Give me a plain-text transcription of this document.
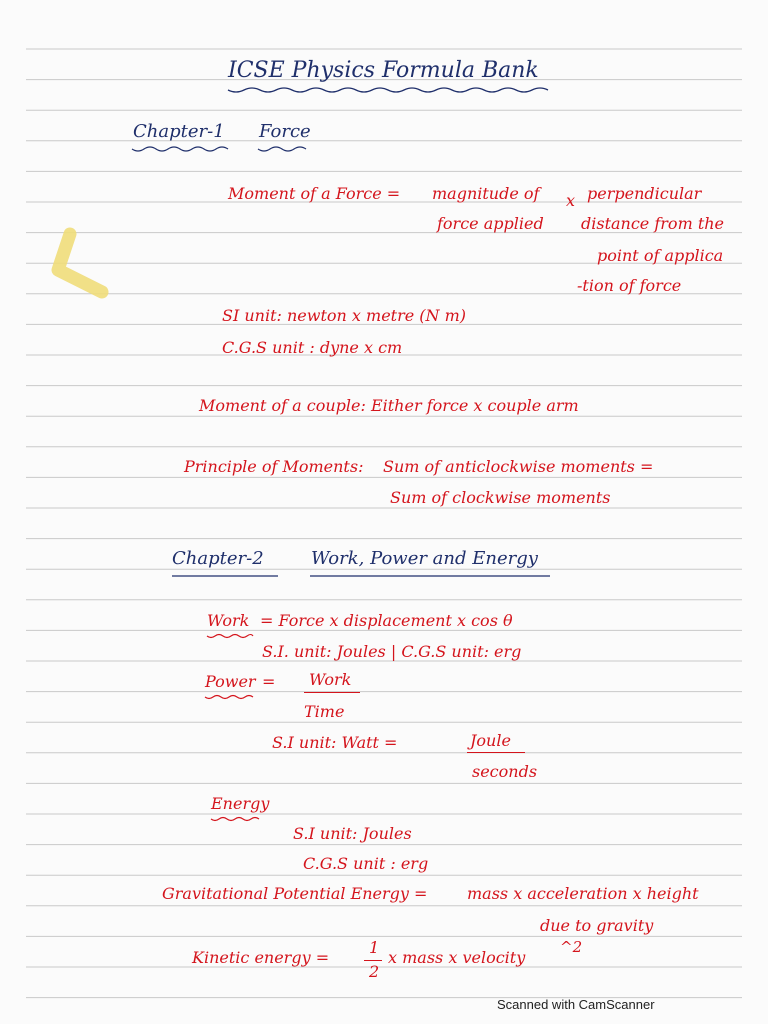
ICSE Physics Formula Bank
Chapter-1 Force
Moment of a Force = magnitude of
force applied
x perpendicular
distance from the
point of applica
-tion of force
SI unit: newton x metre (N m)
C.G.S unit : dyne x cm
Moment of a couple: Either force x couple arm
Principle of Moments: Sum of anticlockwise moments =
Sum of clockwise moments
Chapter-2	Work, Power and Energy
Work = Force x displacement x cos θ
S.I. unit: Joules | C.G.S unit: erg
Power = Work
Time
S.I unit: Watt =	Joule
seconds
Energy
S.I unit: Joules
C.G.S unit : erg
Gravitational Potential Energy = mass x acceleration x height
due to gravity
Kinetic energy =
1
2
x mass x velocity
^2
Scanned with CamScanner
